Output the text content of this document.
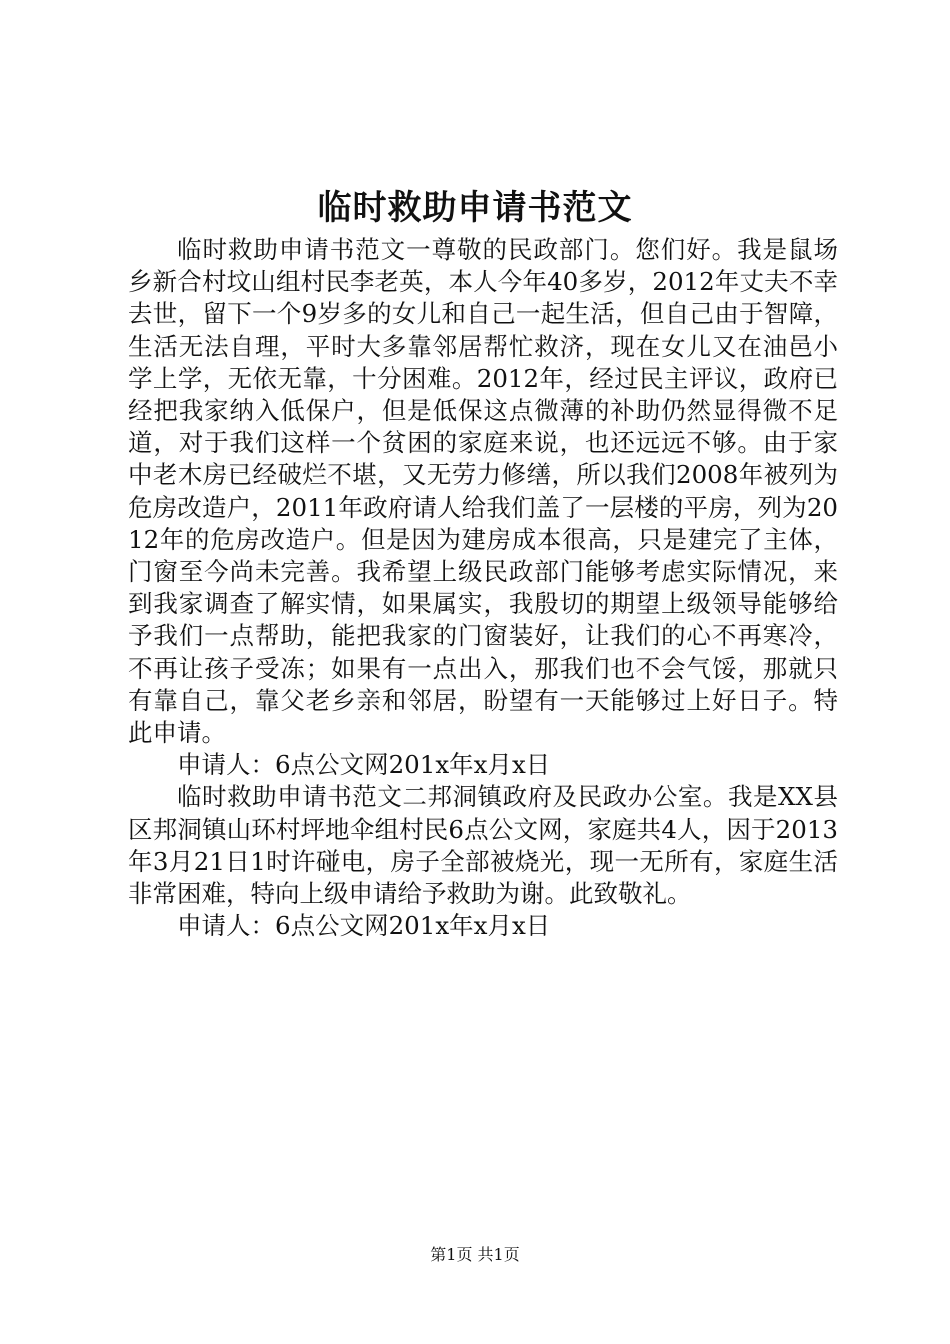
临时救助申请书范文

临时救助申请书范文一尊敬的民政部门。您们好。我是鼠场乡新合村坟山组村民李老英，本人今年40多岁，2012年丈夫不幸去世，留下一个9岁多的女儿和自己一起生活，但自己由于智障，生活无法自理，平时大多靠邻居帮忙救济，现在女儿又在油邑小学上学，无依无靠，十分困难。2012年，经过民主评议，政府已经把我家纳入低保户，但是低保这点微薄的补助仍然显得微不足道，对于我们这样一个贫困的家庭来说，也还远远不够。由于家中老木房已经破烂不堪，又无劳力修缮，所以我们2008年被列为危房改造户，2011年政府请人给我们盖了一层楼的平房，列为2012年的危房改造户。但是因为建房成本很高，只是建完了主体，门窗至今尚未完善。我希望上级民政部门能够考虑实际情况，来到我家调查了解实情，如果属实，我殷切的期望上级领导能够给予我们一点帮助，能把我家的门窗装好，让我们的心不再寒冷，不再让孩子受冻；如果有一点出入，那我们也不会气馁，那就只有靠自己，靠父老乡亲和邻居，盼望有一天能够过上好日子。特此申请。

申请人：6点公文网201x年x月x日

临时救助申请书范文二邦洞镇政府及民政办公室。我是XX县区邦洞镇山环村坪地伞组村民6点公文网，家庭共4人，因于2013年3月21日1时许碰电，房子全部被烧光，现一无所有，家庭生活非常困难，特向上级申请给予救助为谢。此致敬礼。

申请人：6点公文网201x年x月x日

第1页 共1页
